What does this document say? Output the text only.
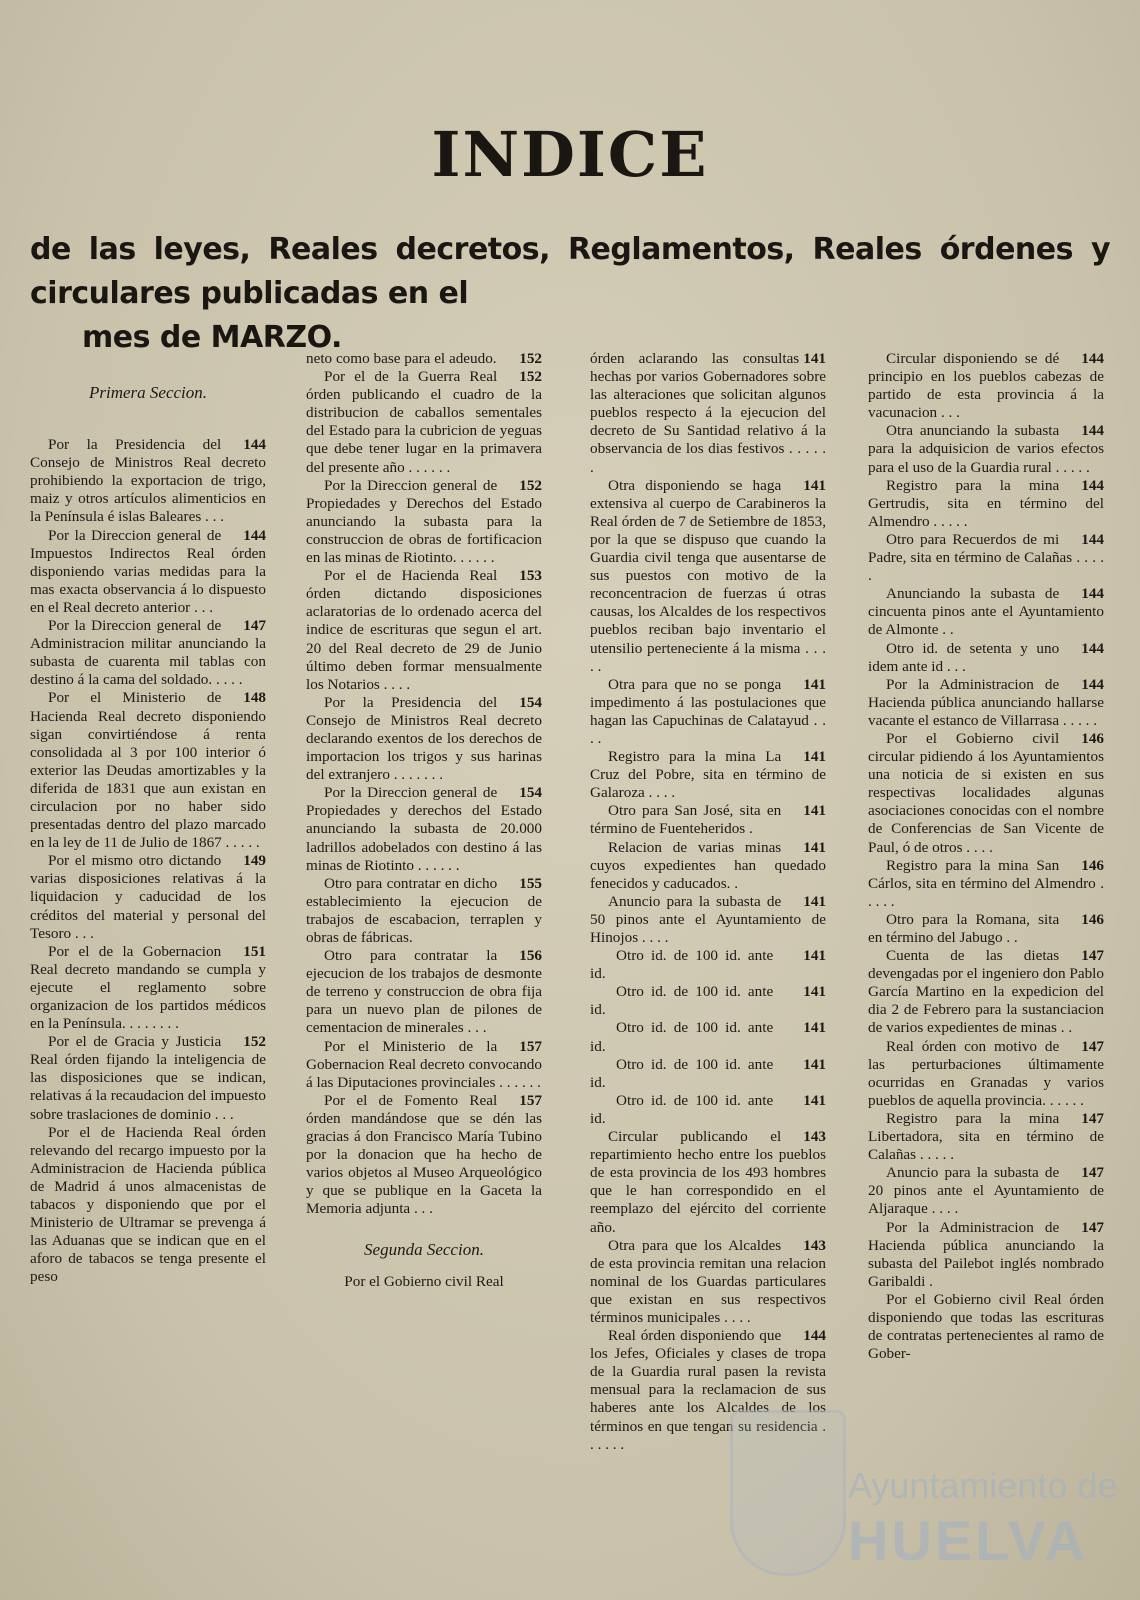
INDICE
de las leyes, Reales decretos, Reglamentos, Reales órdenes y circulares publicadas en el
mes de MARZO.

Primera Seccion.

144
Por la Presidencia del Consejo de Ministros Real decreto prohibiendo la exportacion de trigo, maiz y otros artículos alimenticios en la Península é islas Baleares . . .

144
Por la Direccion general de Impuestos Indirectos Real órden disponiendo varias medidas para la mas exacta observancia á lo dispuesto en el Real decreto anterior . . .

147
Por la Direccion general de Administracion militar anunciando la subasta de cuarenta mil tablas con destino á la cama del soldado. . . . .

148
Por el Ministerio de Hacienda Real decreto disponiendo sigan convirtiéndose á renta consolidada al 3 por 100 interior ó exterior las Deudas amortizables y la diferida de 1831 que aun existan en circulacion por no haber sido presentadas dentro del plazo marcado en la ley de 11 de Julio de 1867 . . . . .

149
Por el mismo otro dictando varias disposiciones relativas á la liquidacion y caducidad de los créditos del material y personal del Tesoro . . .

151
Por el de la Gobernacion Real decreto mandando se cumpla y ejecute el reglamento sobre organizacion de los partidos médicos en la Península. . . . . . . .

152
Por el de Gracia y Justicia Real órden fijando la inteligencia de las disposiciones que se indican, relativas á la recaudacion del impuesto sobre traslaciones de dominio . . .

Por el de Hacienda Real órden relevando del recargo impuesto por la Administracion de Hacienda pública de Madrid á unos almacenistas de tabacos y disponiendo que por el Ministerio de Ultramar se prevenga á las Aduanas que se indican que en el aforo de tabacos se tenga presente el peso

152
neto como base para el adeudo.

152
Por el de la Guerra Real órden publicando el cuadro de la distribucion de caballos sementales del Estado para la cubricion de yeguas que debe tener lugar en la primavera del presente año . . . . . .

152
Por la Direccion general de Propiedades y Derechos del Estado anunciando la subasta para la construccion de obras de fortificacion en las minas de Riotinto. . . . . .

153
Por el de Hacienda Real órden dictando disposiciones aclaratorias de lo ordenado acerca del indice de escrituras que segun el art. 20 del Real decreto de 29 de Junio último deben formar mensualmente los Notarios . . . .

154
Por la Presidencia del Consejo de Ministros Real decreto declarando exentos de los derechos de importacion los trigos y sus harinas del extranjero . . . . . . .

154
Por la Direccion general de Propiedades y derechos del Estado anunciando la subasta de 20.000 ladrillos adobelados con destino á las minas de Riotinto . . . . . .

155
Otro para contratar en dicho establecimiento la ejecucion de trabajos de escabacion, terraplen y obras de fábricas.

156
Otro para contratar la ejecucion de los trabajos de desmonte de terreno y construccion de obra fija para un nuevo plan de pilones de cementacion de minerales . . .

157
Por el Ministerio de la Gobernacion Real decreto convocando á las Diputaciones provinciales . . . . . .

157
Por el de Fomento Real órden mandándose que se dén las gracias á don Francisco María Tubino por la donacion que ha hecho de varios objetos al Museo Arqueológico y que se publique en la Gaceta la Memoria adjunta . . .

Segunda Seccion.

Por el Gobierno civil Real

141
órden aclarando las consultas hechas por varios Gobernadores sobre las alteraciones que solicitan algunos pueblos respecto á la ejecucion del decreto de Su Santidad relativo á la observancia de los dias festivos . . . . . .

141
Otra disponiendo se haga extensiva al cuerpo de Carabineros la Real órden de 7 de Setiembre de 1853, por la que se dispuso que cuando la Guardia civil tenga que ausentarse de sus puestos con motivo de la reconcentracion de fuerzas ú otras causas, los Alcaldes de los respectivos pueblos reciban bajo inventario el utensilio perteneciente á la misma . . . . .

141
Otra para que no se ponga impedimento á las postulaciones que hagan las Capuchinas de Calatayud . . . .

141
Registro para la mina La Cruz del Pobre, sita en término de Galaroza . . . .

141
Otro para San José, sita en término de Fuenteheridos .

141
Relacion de varias minas cuyos expedientes han quedado fenecidos y caducados. .

141
Anuncio para la subasta de 50 pinos ante el Ayuntamiento de Hinojos . . . .

141
Otro id. de 100 id. ante id.

141
Otro id. de 100 id. ante id.

141
Otro id. de 100 id. ante id.

141
Otro id. de 100 id. ante id.

141
Otro id. de 100 id. ante id.

143
Circular publicando el repartimiento hecho entre los pueblos de esta provincia de los 493 hombres que le han correspondido en el reemplazo del ejército del corriente año.

143
Otra para que los Alcaldes de esta provincia remitan una relacion nominal de los Guardas particulares que existan en sus respectivos términos municipales . . . .

144
Real órden disponiendo que los Jefes, Oficiales y clases de tropa de la Guardia rural pasen la revista mensual para la reclamacion de sus haberes ante los Alcaldes de los términos en que tengan su residencia . . . . . .

144
Circular disponiendo se dé principio en los pueblos cabezas de partido de esta provincia á la vacunacion . . .

144
Otra anunciando la subasta para la adquisicion de varios efectos para el uso de la Guardia rural . . . . .

144
Registro para la mina Gertrudis, sita en término del Almendro . . . . .

144
Otro para Recuerdos de mi Padre, sita en término de Calañas . . . . .

144
Anunciando la subasta de cincuenta pinos ante el Ayuntamiento de Almonte . .

144
Otro id. de setenta y uno idem ante id . . .

144
Por la Administracion de Hacienda pública anunciando hallarse vacante el estanco de Villarrasa . . . . .

146
Por el Gobierno civil circular pidiendo á los Ayuntamientos una noticia de si existen en sus respectivas localidades algunas asociaciones conocidas con el nombre de Conferencias de San Vicente de Paul, ó de otros . . . .

146
Registro para la mina San Cárlos, sita en término del Almendro . . . . .

146
Otro para la Romana, sita en término del Jabugo . .

147
Cuenta de las dietas devengadas por el ingeniero don Pablo García Martino en la expedicion del dia 2 de Febrero para la sustanciacion de varios expedientes de minas . .

147
Real órden con motivo de las perturbaciones últimamente ocurridas en Granadas y varios pueblos de aquella provincia. . . . . .

147
Registro para la mina Libertadora, sita en término de Calañas . . . . .

147
Anuncio para la subasta de 20 pinos ante el Ayuntamiento de Aljaraque . . . .

147
Por la Administracion de Hacienda pública anunciando la subasta del Pailebot inglés nombrado Garibaldi .

Por el Gobierno civil Real órden disponiendo que todas las escrituras de contratas pertenecientes al ramo de Gober-

Ayuntamiento de
HUELVA
